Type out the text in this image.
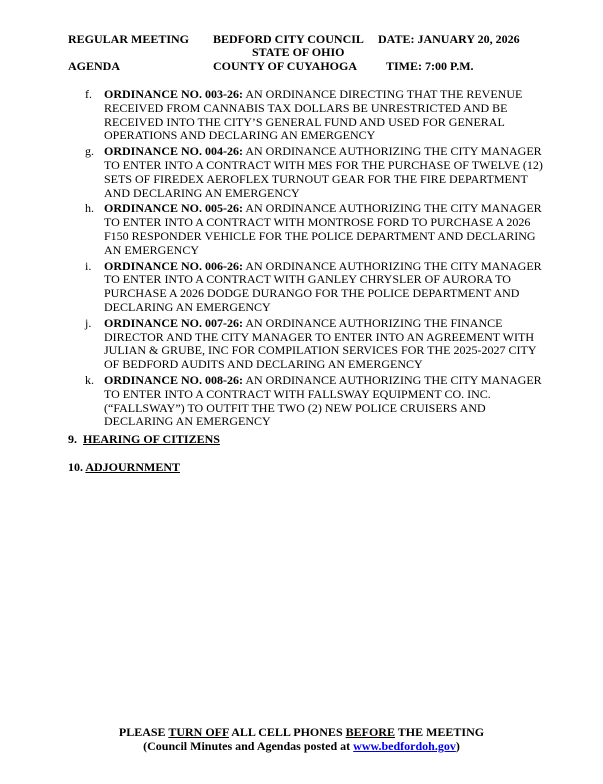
REGULAR MEETING BEDFORD CITY COUNCIL DATE: JANUARY 20, 2026
STATE OF OHIO
AGENDA	COUNTY OF CUYAHOGA TIME: 7:00 P.M.
f. ORDINANCE NO. 003-26: AN ORDINANCE DIRECTING THAT THE REVENUE RECEIVED FROM CANNABIS TAX DOLLARS BE UNRESTRICTED AND BE RECEIVED INTO THE CITY’S GENERAL FUND AND USED FOR GENERAL OPERATIONS AND DECLARING AN EMERGENCY
g. ORDINANCE NO. 004-26: AN ORDINANCE AUTHORIZING THE CITY MANAGER TO ENTER INTO A CONTRACT WITH MES FOR THE PURCHASE OF TWELVE (12) SETS OF FIREDEX AEROFLEX TURNOUT GEAR FOR THE FIRE DEPARTMENT AND DECLARING AN EMERGENCY
h. ORDINANCE NO. 005-26: AN ORDINANCE AUTHORIZING THE CITY MANAGER TO ENTER INTO A CONTRACT WITH MONTROSE FORD TO PURCHASE A 2026 F150 RESPONDER VEHICLE FOR THE POLICE DEPARTMENT AND DECLARING AN EMERGENCY
i. ORDINANCE NO. 006-26: AN ORDINANCE AUTHORIZING THE CITY MANAGER TO ENTER INTO A CONTRACT WITH GANLEY CHRYSLER OF AURORA TO PURCHASE A 2026 DODGE DURANGO FOR THE POLICE DEPARTMENT AND DECLARING AN EMERGENCY
j. ORDINANCE NO. 007-26: AN ORDINANCE AUTHORIZING THE FINANCE DIRECTOR AND THE CITY MANAGER TO ENTER INTO AN AGREEMENT WITH JULIAN & GRUBE, INC FOR COMPILATION SERVICES FOR THE 2025-2027 CITY OF BEDFORD AUDITS AND DECLARING AN EMERGENCY
k. ORDINANCE NO. 008-26: AN ORDINANCE AUTHORIZING THE CITY MANAGER TO ENTER INTO A CONTRACT WITH FALLSWAY EQUIPMENT CO. INC. (“FALLSWAY”) TO OUTFIT THE TWO (2) NEW POLICE CRUISERS AND DECLARING AN EMERGENCY
9. HEARING OF CITIZENS
10. ADJOURNMENT
PLEASE TURN OFF ALL CELL PHONES BEFORE THE MEETING
(Council Minutes and Agendas posted at www.bedfordoh.gov)
